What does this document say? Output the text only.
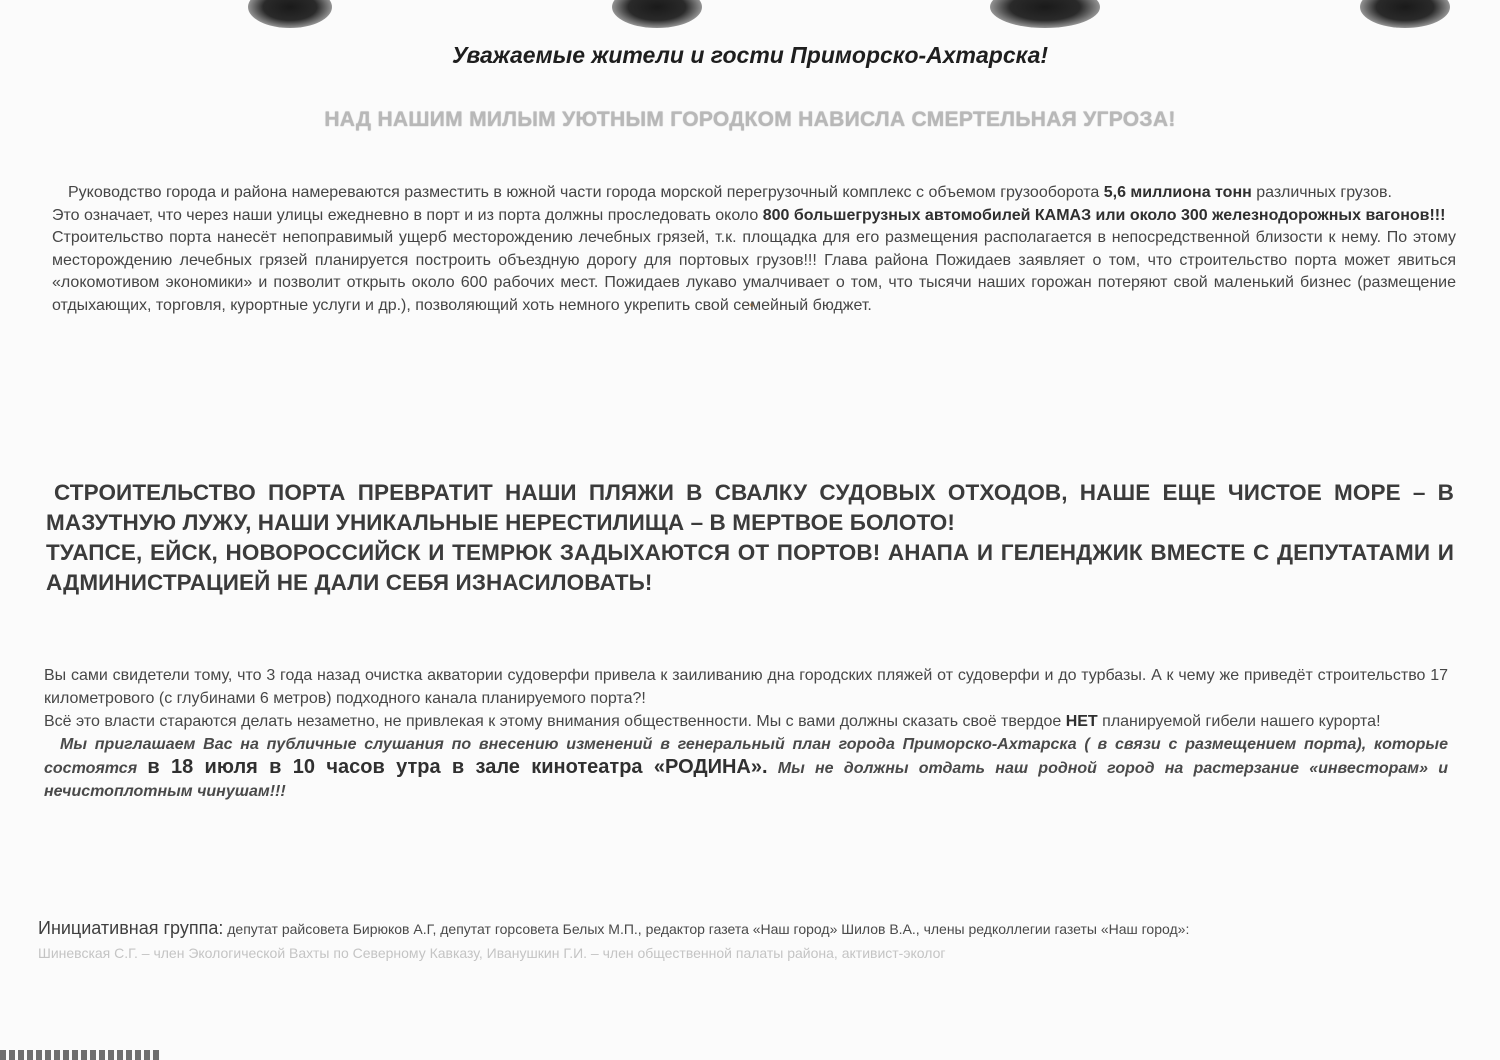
Уважаемые жители и гости Приморско-Ахтарска!
НАД НАШИМ МИЛЫМ УЮТНЫМ ГОРОДКОМ НАВИСЛА СМЕРТЕЛЬНАЯ УГРОЗА!

Руководство города и района намереваются разместить в южной части города морской перегрузочный комплекс с объемом грузооборота 5,6 миллиона тонн различных грузов.

Это означает, что через наши улицы ежедневно в порт и из порта должны проследовать около 800 большегрузных автомобилей КАМАЗ или около 300 железнодорожных вагонов!!!

Строительство порта нанесёт непоправимый ущерб месторождению лечебных грязей, т.к. площадка для его размещения располагается в непосредственной близости к нему. По этому месторождению лечебных грязей планируется построить объездную дорогу для портовых грузов!!! Глава района Пожидаев заявляет о том, что строительство порта может явиться «локомотивом экономики» и позволит открыть около 600 рабочих мест. Пожидаев лукаво умалчивает о том, что тысячи наших горожан потеряют свой маленький бизнес (размещение отдыхающих, торговля, курортные услуги и др.), позволяющий хоть немного укрепить свой семейный бюджет.

СТРОИТЕЛЬСТВО ПОРТА ПРЕВРАТИТ НАШИ ПЛЯЖИ В СВАЛКУ СУДОВЫХ ОТХОДОВ, НАШЕ ЕЩЕ ЧИСТОЕ МОРЕ – В МАЗУТНУЮ ЛУЖУ, НАШИ УНИКАЛЬНЫЕ НЕРЕСТИЛИЩА – В МЕРТВОЕ БОЛОТО!

ТУАПСЕ, ЕЙСК, НОВОРОССИЙСК И ТЕМРЮК ЗАДЫХАЮТСЯ ОТ ПОРТОВ! АНАПА И ГЕЛЕНДЖИК ВМЕСТЕ С ДЕПУТАТАМИ И АДМИНИСТРАЦИЕЙ НЕ ДАЛИ СЕБЯ ИЗНАСИЛОВАТЬ!

Вы сами свидетели тому, что 3 года назад очистка акватории судоверфи привела к заиливанию дна городских пляжей от судоверфи и до турбазы. А к чему же приведёт строительство 17 километрового (с глубинами 6 метров) подходного канала планируемого порта?!

Всё это власти стараются делать незаметно, не привлекая к этому внимания общественности. Мы с вами должны сказать своё твердое НЕТ планируемой гибели нашего курорта!

Мы приглашаем Вас на публичные слушания по внесению изменений в генеральный план города Приморско-Ахтарска ( в связи с размещением порта), которые состоятся в 18 июля в 10 часов утра в зале кинотеатра «РОДИНА». Мы не должны отдать наш родной город на растерзание «инвесторам» и нечистоплотным чинушам!!!

Инициативная группа: депутат райсовета Бирюков А.Г, депутат горсовета Белых М.П., редактор газета «Наш город» Шилов В.А., члены редколлегии газеты «Наш город»:
Шиневская С.Г. – член Экологической Вахты по Северному Кавказу, Иванушкин Г.И. – член общественной палаты района, активист-эколог
